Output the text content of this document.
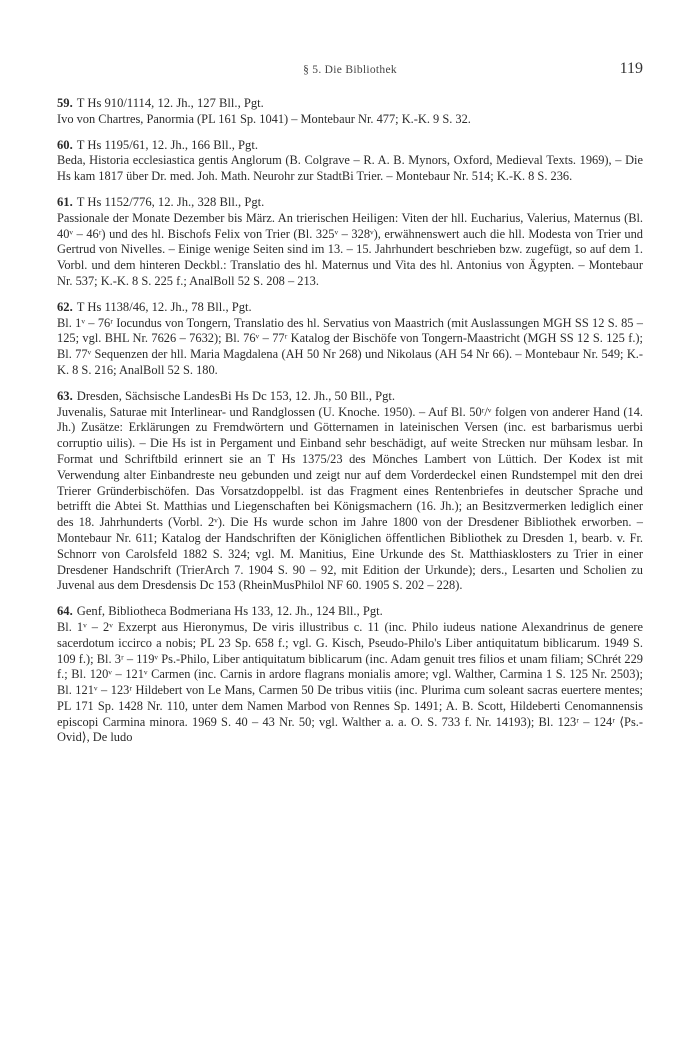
§ 5. Die Bibliothek	119

59. T Hs 910/1114, 12. Jh., 127 Bll., Pgt.

Ivo von Chartres, Panormia (PL 161 Sp. 1041) – Montebaur Nr. 477; K.-K. 9 S. 32.

60. T Hs 1195/61, 12. Jh., 166 Bll., Pgt.

Beda, Historia ecclesiastica gentis Anglorum (B. Colgrave – R. A. B. Mynors, Oxford, Medieval Texts. 1969), – Die Hs kam 1817 über Dr. med. Joh. Math. Neurohr zur StadtBi Trier. – Montebaur Nr. 514; K.-K. 8 S. 236.

61. T Hs 1152/776, 12. Jh., 328 Bll., Pgt.

Passionale der Monate Dezember bis März. An trierischen Heiligen: Viten der hll. Eucharius, Valerius, Maternus (Bl. 40ᵛ – 46ʳ) und des hl. Bischofs Felix von Trier (Bl. 325ᵛ – 328ᵛ), erwähnenswert auch die hll. Modesta von Trier und Gertrud von Nivelles. – Einige wenige Seiten sind im 13. – 15. Jahrhundert beschrieben bzw. zugefügt, so auf dem 1. Vorbl. und dem hinteren Deckbl.: Translatio des hl. Maternus und Vita des hl. Antonius von Ägypten. – Montebaur Nr. 537; K.-K. 8 S. 225 f.; AnalBoll 52 S. 208 – 213.

62. T Hs 1138/46, 12. Jh., 78 Bll., Pgt.

Bl. 1ᵛ – 76ʳ Iocundus von Tongern, Translatio des hl. Servatius von Maastrich (mit Auslassungen MGH SS 12 S. 85 – 125; vgl. BHL Nr. 7626 – 7632); Bl. 76ᵛ – 77ʳ Katalog der Bischöfe von Tongern-Maastricht (MGH SS 12 S. 125 f.); Bl. 77ᵛ Sequenzen der hll. Maria Magdalena (AH 50 Nr 268) und Nikolaus (AH 54 Nr 66). – Montebaur Nr. 549; K.-K. 8 S. 216; AnalBoll 52 S. 180.

63. Dresden, Sächsische LandesBi Hs Dc 153, 12. Jh., 50 Bll., Pgt.

Juvenalis, Saturae mit Interlinear- und Randglossen (U. Knoche. 1950). – Auf Bl. 50ʳ/ᵛ folgen von anderer Hand (14. Jh.) Zusätze: Erklärungen zu Fremdwörtern und Götternamen in lateinischen Versen (inc. est barbarismus uerbi corruptio uilis). – Die Hs ist in Pergament und Einband sehr beschädigt, auf weite Strecken nur mühsam lesbar. In Format und Schriftbild erinnert sie an T Hs 1375/23 des Mönches Lambert von Lüttich. Der Kodex ist mit Verwendung alter Einbandreste neu gebunden und zeigt nur auf dem Vorderdeckel einen Rundstempel mit den drei Trierer Gründerbischöfen. Das Vorsatzdoppelbl. ist das Fragment eines Rentenbriefes in deutscher Sprache und betrifft die Abtei St. Matthias und Liegenschaften bei Königsmachern (16. Jh.); an Besitzvermerken lediglich einer des 18. Jahrhunderts (Vorbl. 2ᵛ). Die Hs wurde schon im Jahre 1800 von der Dresdener Bibliothek erworben. – Montebaur Nr. 611; Katalog der Handschriften der Königlichen öffentlichen Bibliothek zu Dresden 1, bearb. v. Fr. Schnorr von Carolsfeld 1882 S. 324; vgl. M. Manitius, Eine Urkunde des St. Matthiasklosters zu Trier in einer Dresdener Handschrift (TrierArch 7. 1904 S. 90 – 92, mit Edition der Urkunde); ders., Lesarten und Scholien zu Juvenal aus dem Dresdensis Dc 153 (RheinMusPhilol NF 60. 1905 S. 202 – 228).

64. Genf, Bibliotheca Bodmeriana Hs 133, 12. Jh., 124 Bll., Pgt.

Bl. 1ᵛ – 2ᵛ Exzerpt aus Hieronymus, De viris illustribus c. 11 (inc. Philo iudeus natione Alexandrinus de genere sacerdotum iccirco a nobis; PL 23 Sp. 658 f.; vgl. G. Kisch, Pseudo-Philo's Liber antiquitatum biblicarum. 1949 S. 109 f.); Bl. 3ʳ – 119ᵛ Ps.-Philo, Liber antiquitatum biblicarum (inc. Adam genuit tres filios et unam filiam; SChrét 229 f.; Bl. 120ᵛ – 121ᵛ Carmen (inc. Carnis in ardore flagrans monialis amore; vgl. Walther, Carmina 1 S. 125 Nr. 2503); Bl. 121ᵛ – 123ʳ Hildebert von Le Mans, Carmen 50 De tribus vitiis (inc. Plurima cum soleant sacras euertere mentes; PL 171 Sp. 1428 Nr. 110, unter dem Namen Marbod von Rennes Sp. 1491; A. B. Scott, Hildeberti Cenomannensis episcopi Carmina minora. 1969 S. 40 – 43 Nr. 50; vgl. Walther a. a. O. S. 733 f. Nr. 14193); Bl. 123ʳ – 124ʳ ⟨Ps.-Ovid⟩, De ludo
